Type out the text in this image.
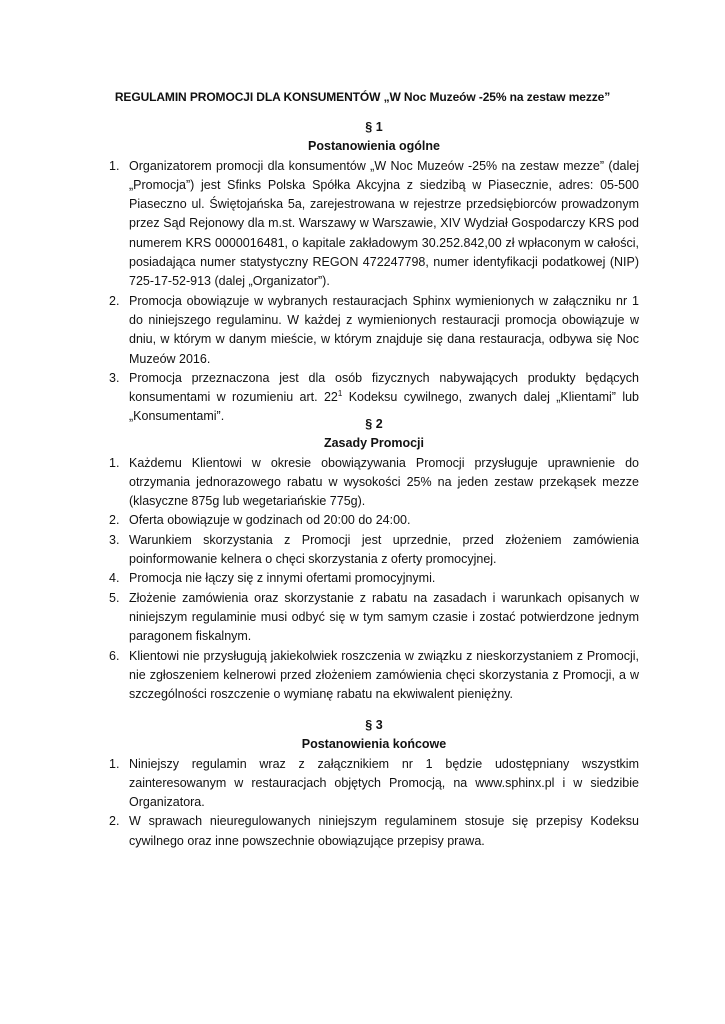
REGULAMIN PROMOCJI DLA KONSUMENTÓW „W Noc Muzeów -25% na zestaw mezze”
§ 1
Postanowienia ogólne
1. Organizatorem promocji dla konsumentów „W Noc Muzeów -25% na zestaw mezze” (dalej „Promocja”) jest Sfinks Polska Spółka Akcyjna z siedzibą w Piasecznie, adres: 05-500 Piaseczno ul. Świętojańska 5a, zarejestrowana w rejestrze przedsiębiorców prowadzonym przez Sąd Rejonowy dla m.st. Warszawy w Warszawie, XIV Wydział Gospodarczy KRS pod numerem KRS 0000016481, o kapitale zakładowym 30.252.842,00 zł wpłaconym w całości, posiadająca numer statystyczny REGON 472247798, numer identyfikacji podatkowej (NIP) 725-17-52-913 (dalej „Organizator”).
2. Promocja obowiązuje w wybranych restauracjach Sphinx wymienionych w załączniku nr 1 do niniejszego regulaminu. W każdej z wymienionych restauracji promocja obowiązuje w dniu, w którym w danym mieście, w którym znajduje się dana restauracja, odbywa się Noc Muzeów 2016.
3. Promocja przeznaczona jest dla osób fizycznych nabywających produkty będących konsumentami w rozumieniu art. $22^1$ Kodeksu cywilnego, zwanych dalej „Klientami” lub „Konsumentami”.
§ 2
Zasady Promocji
1. Każdemu Klientowi w okresie obowiązywania Promocji przysługuje uprawnienie do otrzymania jednorazowego rabatu w wysokości 25% na jeden zestaw przekąsek mezze (klasyczne 875g lub wegetariańskie 775g).
2. Oferta obowiązuje w godzinach od 20:00 do 24:00.
3. Warunkiem skorzystania z Promocji jest uprzednie, przed złożeniem zamówienia poinformowanie kelnera o chęci skorzystania z oferty promocyjnej.
4. Promocja nie łączy się z innymi ofertami promocyjnymi.
5. Złożenie zamówienia oraz skorzystanie z rabatu na zasadach i warunkach opisanych w niniejszym regulaminie musi odbyć się w tym samym czasie i zostać potwierdzone jednym paragonem fiskalnym.
6. Klientowi nie przysługują jakiekolwiek roszczenia w związku z nieskorzystaniem z Promocji, nie zgłoszeniem kelnerowi przed złożeniem zamówienia chęci skorzystania z Promocji, a w szczególności roszczenie o wymianę rabatu na ekwiwalent pieniężny.
§ 3
Postanowienia końcowe
1. Niniejszy regulamin wraz z załącznikiem nr 1 będzie udostępniany wszystkim zainteresowanym w restauracjach objętych Promocją, na www.sphinx.pl i w siedzibie Organizatora.
2. W sprawach nieuregulowanych niniejszym regulaminem stosuje się przepisy Kodeksu cywilnego oraz inne powszechnie obowiązujące przepisy prawa.
